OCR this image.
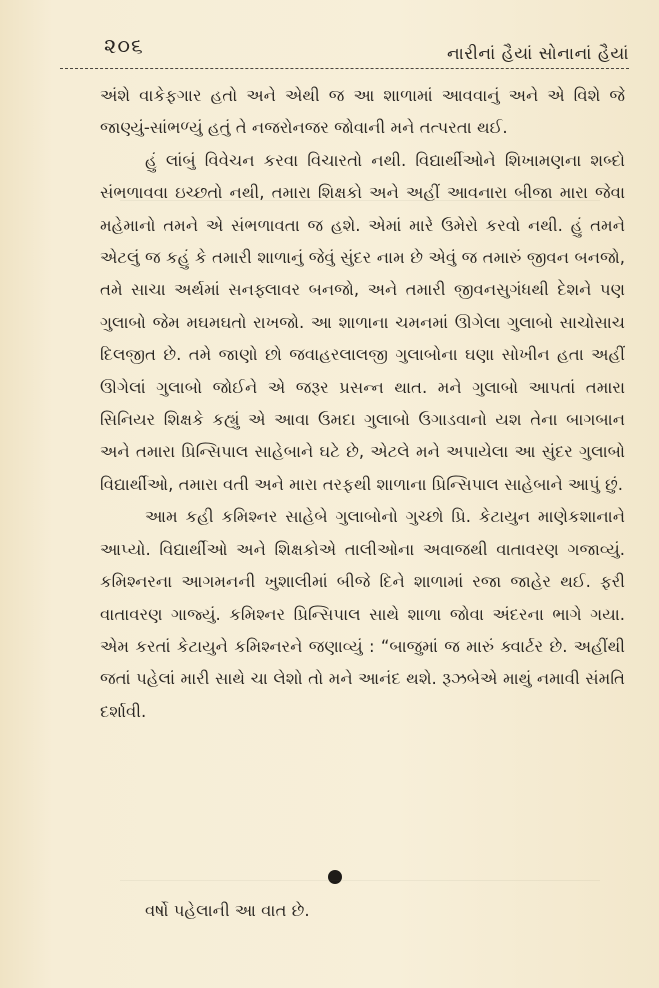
૨૦૬	નારીનાં હૈયાં સોનાનાં હૈયાં

અંશે વાકેફગાર હતો અને એથી જ આ શાળામાં આવવાનું અને એ વિશે જે જાણ્યું-સાંભળ્યું હતું તે નજરોનજર જોવાની મને તત્પરતા થઈ.

હું લાંબું વિવેચન કરવા વિચારતો નથી. વિદ્યાર્થીઓને શિખામણના શબ્દો સંભળાવવા ઇચ્છતો નથી, તમારા શિક્ષકો અને અહીં આવનારા બીજા મારા જેવા મહેમાનો તમને એ સંભળાવતા જ હશે. એમાં મારે ઉમેરો કરવો નથી. હું તમને એટલું જ કહું કે તમારી શાળાનું જેવું સુંદર નામ છે એવું જ તમારું જીવન બનજો, તમે સાચા અર્થમાં સનફ્લાવર બનજો, અને તમારી જીવનસુગંધથી દેશને પણ ગુલાબો જેમ મઘમઘતો રાખજો. આ શાળાના ચમનમાં ઊગેલા ગુલાબો સાચોસાચ દિલજીત છે. તમે જાણો છો જવાહરલાલજી ગુલાબોના ઘણા સોખીન હતા અહીં ઊગેલાં ગુલાબો જોઈને એ જરૂર પ્રસન્ન થાત. મને ગુલાબો આપતાં તમારા સિનિયર શિક્ષકે કહ્યું એ આવા ઉમદા ગુલાબો ઉગાડવાનો યશ તેના બાગબાન અને તમારા પ્રિન્સિપાલ સાહેબાને ઘટે છે, એટલે મને અપાયેલા આ સુંદર ગુલાબો વિદ્યાર્થીઓ, તમારા વતી અને મારા તરફથી શાળાના પ્રિન્સિપાલ સાહેબાને આપું છું.

આમ કહી કમિશ્નર સાહેબે ગુલાબોનો ગુચ્છો પ્રિ. કેટાયુન માણેકશાનાને આપ્યો. વિદ્યાર્થીઓ અને શિક્ષકોએ તાલીઓના અવાજથી વાતાવરણ ગજાવ્યું. કમિશ્નરના આગમનની ખુશાલીમાં બીજે દિને શાળામાં રજા જાહેર થઈ. ફરી વાતાવરણ ગાજ્યું. કમિશ્નર પ્રિન્સિપાલ સાથે શાળા જોવા અંદરના ભાગે ગયા. એમ કરતાં કેટાયુને કમિશ્નરને જણાવ્યું : “બાજુમાં જ મારું ક્વાર્ટર છે. અહીંથી જતાં પહેલાં મારી સાથે ચા લેશો તો મને આનંદ થશે. રૂઝબેએ માથું નમાવી સંમતિ દર્શાવી.

વર્ષો પહેલાની આ વાત છે.
